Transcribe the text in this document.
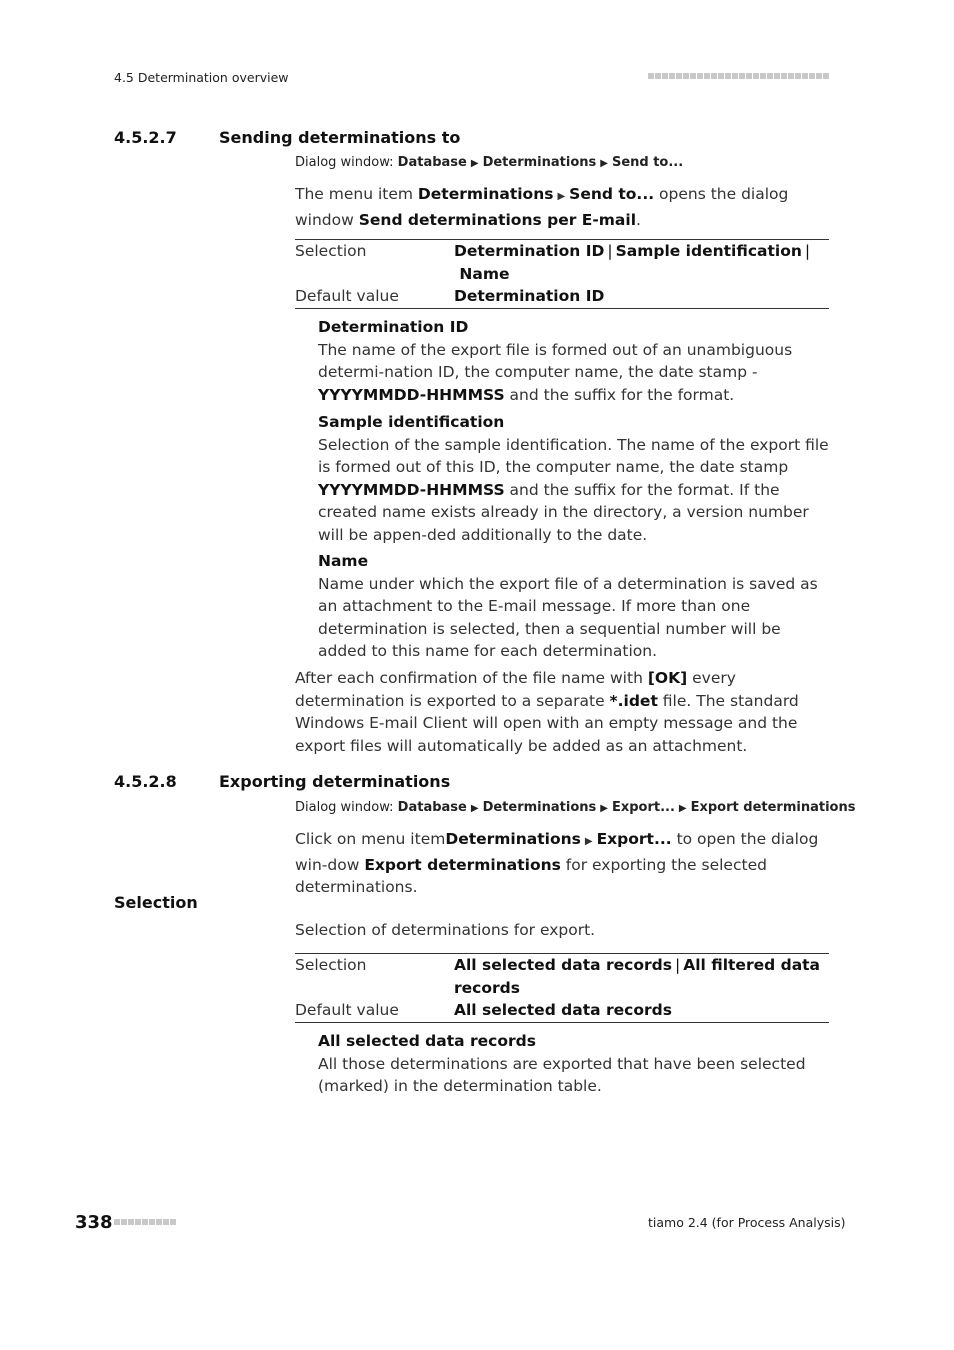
4.5 Determination overview
4.5.2.7	Sending determinations to
Dialog window: Database ▶ Determinations ▶ Send to...
The menu item Determinations ▶ Send to... opens the dialog window Send determinations per E-mail.
Selection	Determination ID | Sample identification |
Name
Default value	Determination ID
Determination ID
The name of the export file is formed out of an unambiguous determi-nation ID, the computer name, the date stamp -YYYYMMDD-HHMMSS and the suffix for the format.
Sample identification
Selection of the sample identification. The name of the export file is formed out of this ID, the computer name, the date stamp YYYYMMDD-HHMMSS and the suffix for the format. If the created name exists already in the directory, a version number will be appen-ded additionally to the date.
Name
Name under which the export file of a determination is saved as an attachment to the E-mail message. If more than one determination is selected, then a sequential number will be added to this name for each determination.
After each confirmation of the file name with [OK] every determination is exported to a separate *.idet file. The standard Windows E-mail Client will open with an empty message and the export files will automatically be added as an attachment.
4.5.2.8	Exporting determinations
Dialog window: Database ▶ Determinations ▶ Export... ▶ Export determinations
Click on menu itemDeterminations ▶ Export... to open the dialog win-dow Export determinations for exporting the selected determinations.
Selection
Selection of determinations for export.
Selection	All selected data records | All filtered data records
Default value	All selected data records
All selected data records
All those determinations are exported that have been selected (marked) in the determination table.
338	tiamo 2.4 (for Process Analysis)
